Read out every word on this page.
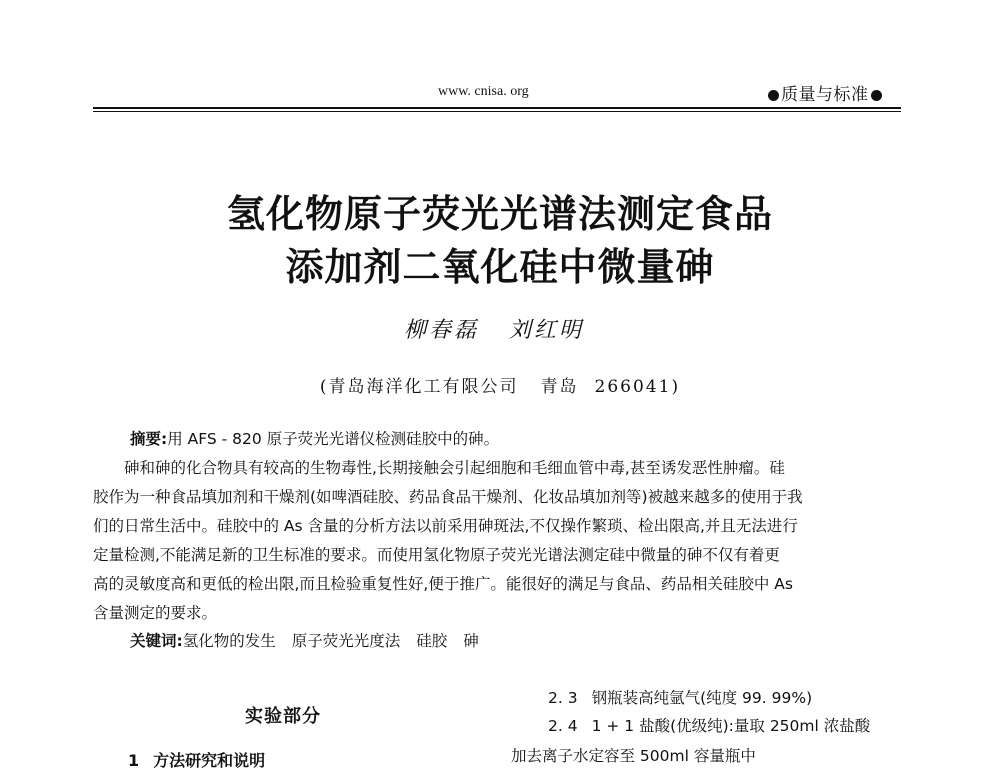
www. cnisa. org	质量与标准
氢化物原子荧光光谱法测定食品
添加剂二氧化硅中微量砷
柳春磊 刘红明
(青岛海洋化工有限公司 青岛 266041)
摘要:用 AFS - 820 原子荧光光谱仪检测硅胶中的砷。
　　砷和砷的化合物具有较高的生物毒性,长期接触会引起细胞和毛细血管中毒,甚至诱发恶性肿瘤。硅
胶作为一种食品填加剂和干燥剂(如啤酒硅胶、药品食品干燥剂、化妆品填加剂等)被越来越多的使用于我
们的日常生活中。硅胶中的 As 含量的分析方法以前采用砷斑法,不仅操作繁琐、检出限高,并且无法进行
定量检测,不能满足新的卫生标准的要求。而使用氢化物原子荧光光谱法测定硅中微量的砷不仅有着更
高的灵敏度高和更低的检出限,而且检验重复性好,便于推广。能很好的满足与食品、药品相关硅胶中 As
含量测定的要求。
关键词:氢化物的发生 原子荧光光度法 硅胶 砷
实验部分
1 方法研究和说明
2. 3 钢瓶装高纯氩气(纯度 99. 99%)
2. 4 1 + 1 盐酸(优级纯):量取 250ml 浓盐酸
加去离子水定容至 500ml 容量瓶中
